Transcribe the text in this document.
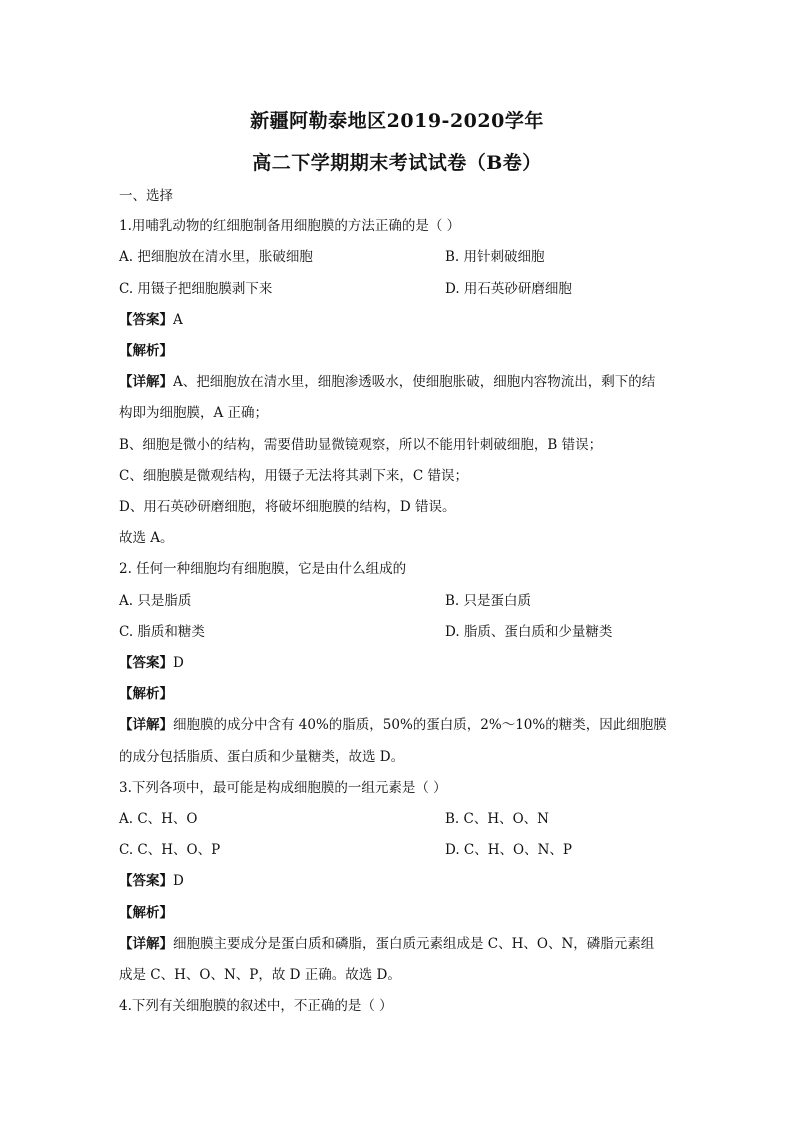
新疆阿勒泰地区2019-2020学年
高二下学期期末考试试卷（B卷）
一、选择
1.用哺乳动物的红细胞制备用细胞膜的方法正确的是（ ）
A. 把细胞放在清水里，胀破细胞	B. 用针刺破细胞
C. 用镊子把细胞膜剥下来	D. 用石英砂研磨细胞
【答案】A
【解析】
【详解】A、把细胞放在清水里，细胞渗透吸水，使细胞胀破，细胞内容物流出，剩下的结
构即为细胞膜，A 正确；
B、细胞是微小的结构，需要借助显微镜观察，所以不能用针刺破细胞，B 错误；
C、细胞膜是微观结构，用镊子无法将其剥下来，C 错误；
D、用石英砂研磨细胞，将破坏细胞膜的结构，D 错误。
故选 A。
2. 任何一种细胞均有细胞膜，它是由什么组成的
A. 只是脂质	B. 只是蛋白质
C. 脂质和糖类	D. 脂质、蛋白质和少量糖类
【答案】D
【解析】
【详解】细胞膜的成分中含有 40%的脂质，50%的蛋白质，2%～10%的糖类，因此细胞膜
的成分包括脂质、蛋白质和少量糖类，故选 D。
3.下列各项中，最可能是构成细胞膜的一组元素是（ ）
A. C、H、O	B. C、H、O、N
C. C、H、O、P	D. C、H、O、N、P
【答案】D
【解析】
【详解】细胞膜主要成分是蛋白质和磷脂，蛋白质元素组成是 C、H、O、N，磷脂元素组
成是 C、H、O、N、P，故 D 正确。故选 D。
4.下列有关细胞膜的叙述中，不正确的是（ ）
